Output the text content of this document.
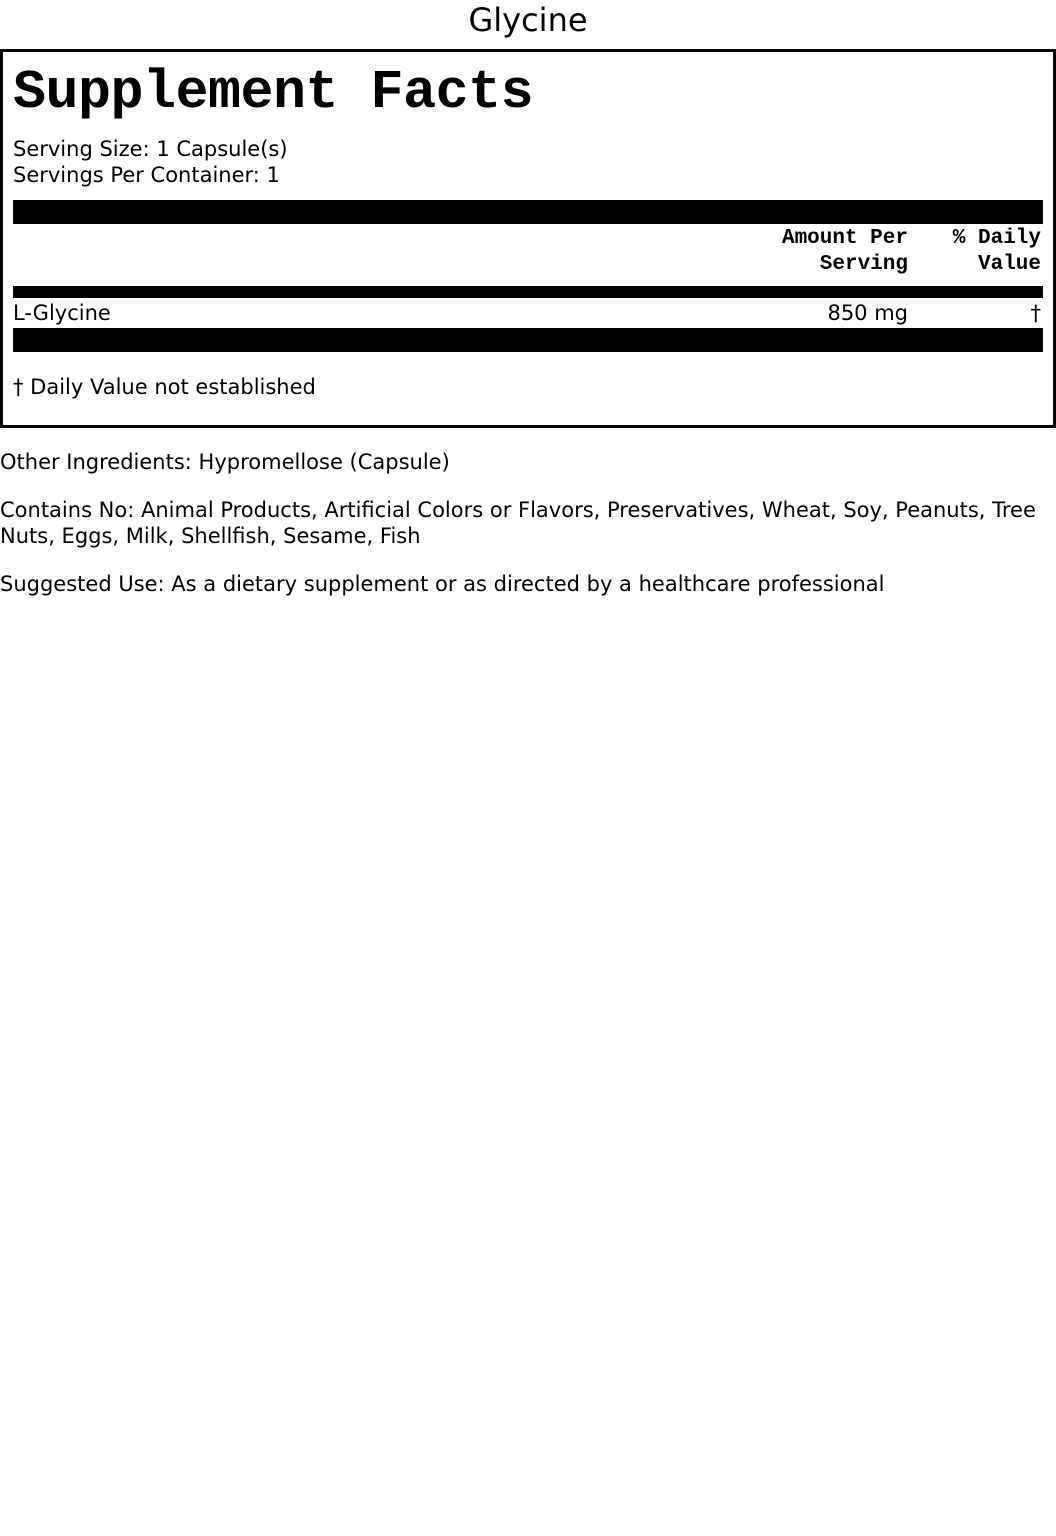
Glycine
Supplement Facts
Serving Size: 1 Capsule(s)
Servings Per Container: 1
Amount Per
Serving
% Daily
Value
L-Glycine	850 mg	†
† Daily Value not established

Other Ingredients: Hypromellose (Capsule)

Contains No: Animal Products, Artificial Colors or Flavors, Preservatives, Wheat, Soy, Peanuts, Tree Nuts, Eggs, Milk, Shellfish, Sesame, Fish

Suggested Use: As a dietary supplement or as directed by a healthcare professional
